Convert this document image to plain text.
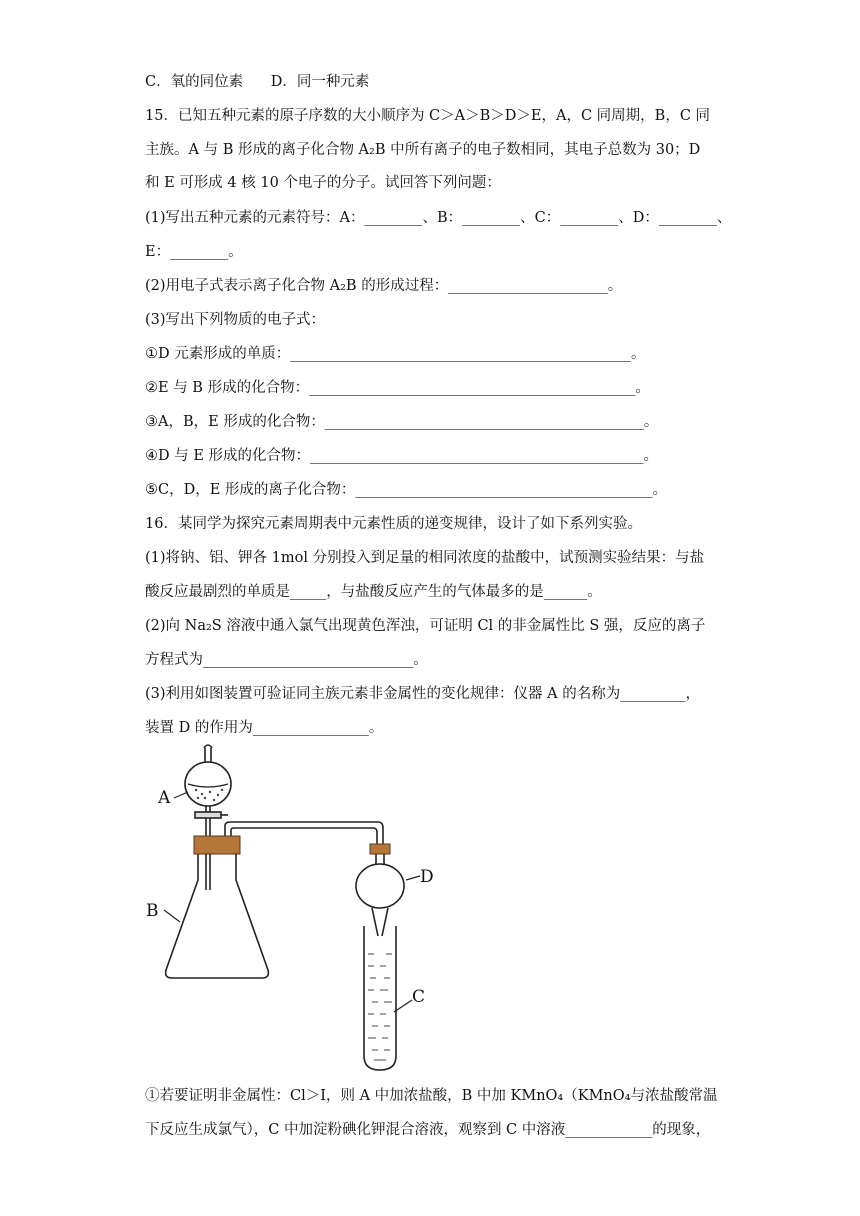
C．氧的同位素      D．同一种元素
15．已知五种元素的原子序数的大小顺序为 C＞A＞B＞D＞E，A，C 同周期，B，C 同
主族。A 与 B 形成的离子化合物 A₂B 中所有离子的电子数相同，其电子总数为 30；D
和 E 可形成 4 核 10 个电子的分子。试回答下列问题：
(1)写出五种元素的元素符号：A：________、B：________、C：________、D：________、
E：________。
(2)用电子式表示离子化合物 A₂B 的形成过程：______________________。
(3)写出下列物质的电子式：
①D 元素形成的单质：_______________________________________________。
②E 与 B 形成的化合物：_____________________________________________。
③A，B，E 形成的化合物：____________________________________________。
④D 与 E 形成的化合物：______________________________________________。
⑤C，D，E 形成的离子化合物：_________________________________________。
16．某同学为探究元素周期表中元素性质的递变规律，设计了如下系列实验。
(1)将钠、铝、钾各 1mol 分别投入到足量的相同浓度的盐酸中，试预测实验结果：与盐
酸反应最剧烈的单质是_____，与盐酸反应产生的气体最多的是______。
(2)向 Na₂S 溶液中通入氯气出现黄色浑浊，可证明 Cl 的非金属性比 S 强，反应的离子
方程式为_____________________________。
(3)利用如图装置可验证同主族元素非金属性的变化规律：仪器 A 的名称为_________，
装置 D 的作用为________________。
A
B
D
C
①若要证明非金属性：Cl＞I，则 A 中加浓盐酸，B 中加 KMnO₄（KMnO₄与浓盐酸常温
下反应生成氯气），C 中加淀粉碘化钾混合溶液，观察到 C 中溶液____________的现象，
